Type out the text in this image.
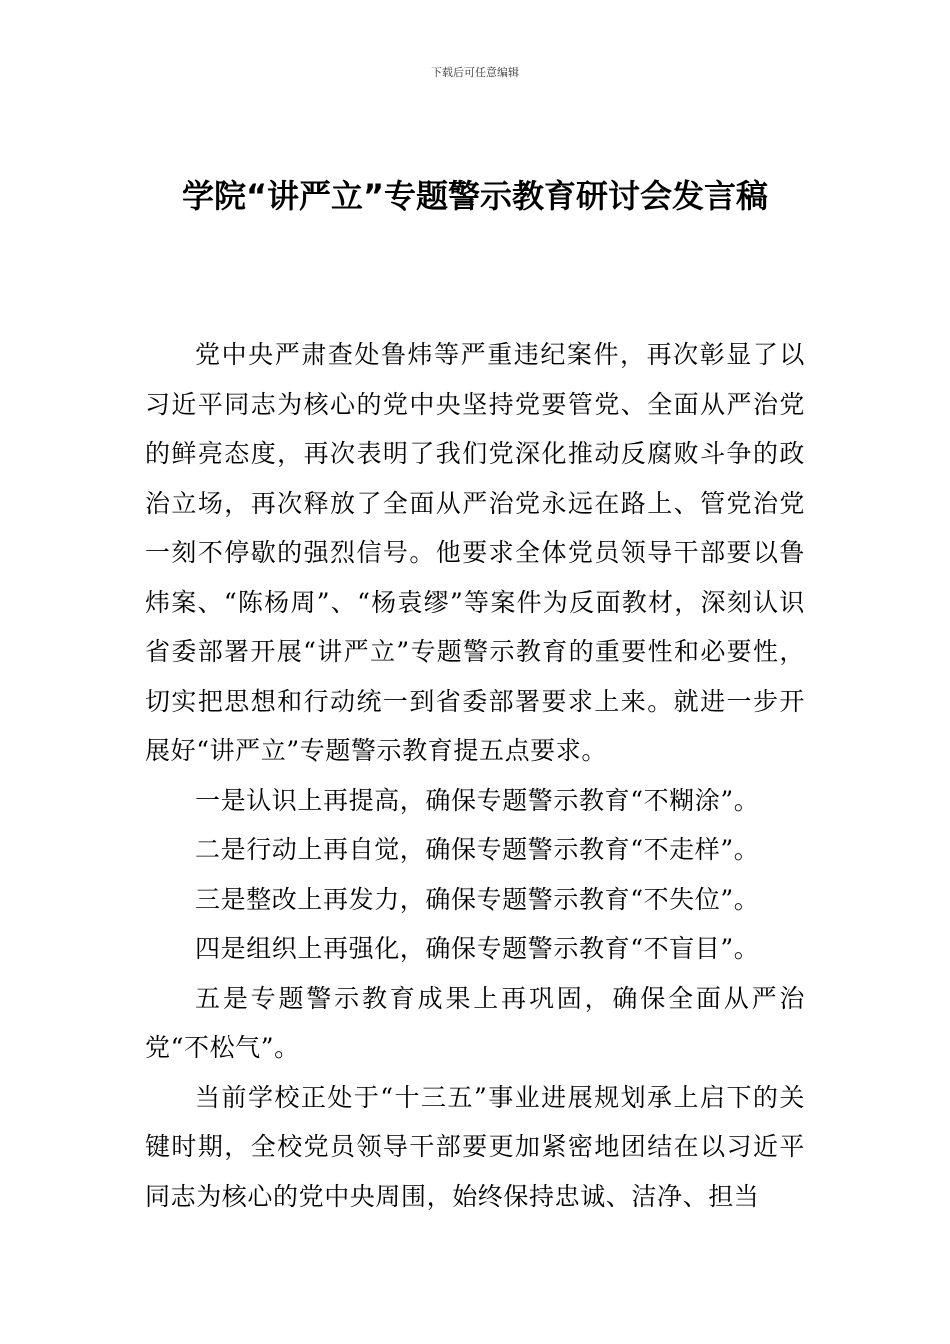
下载后可任意编辑
学院“讲严立”专题警示教育研讨会发言稿

党中央严肃查处鲁炜等严重违纪案件，再次彰显了以习近平同志为核心的党中央坚持党要管党、全面从严治党的鲜亮态度，再次表明了我们党深化推动反腐败斗争的政治立场，再次释放了全面从严治党永远在路上、管党治党一刻不停歇的强烈信号。他要求全体党员领导干部要以鲁炜案、“陈杨周”、“杨袁缪”等案件为反面教材，深刻认识省委部署开展“讲严立”专题警示教育的重要性和必要性，切实把思想和行动统一到省委部署要求上来。就进一步开展好“讲严立”专题警示教育提五点要求。

一是认识上再提高，确保专题警示教育“不糊涂”。

二是行动上再自觉，确保专题警示教育“不走样”。

三是整改上再发力，确保专题警示教育“不失位”。

四是组织上再强化，确保专题警示教育“不盲目”。

五是专题警示教育成果上再巩固，确保全面从严治党“不松气”。

当前学校正处于“十三五”事业进展规划承上启下的关键时期，全校党员领导干部要更加紧密地团结在以习近平同志为核心的党中央周围，始终保持忠诚、洁净、担当
